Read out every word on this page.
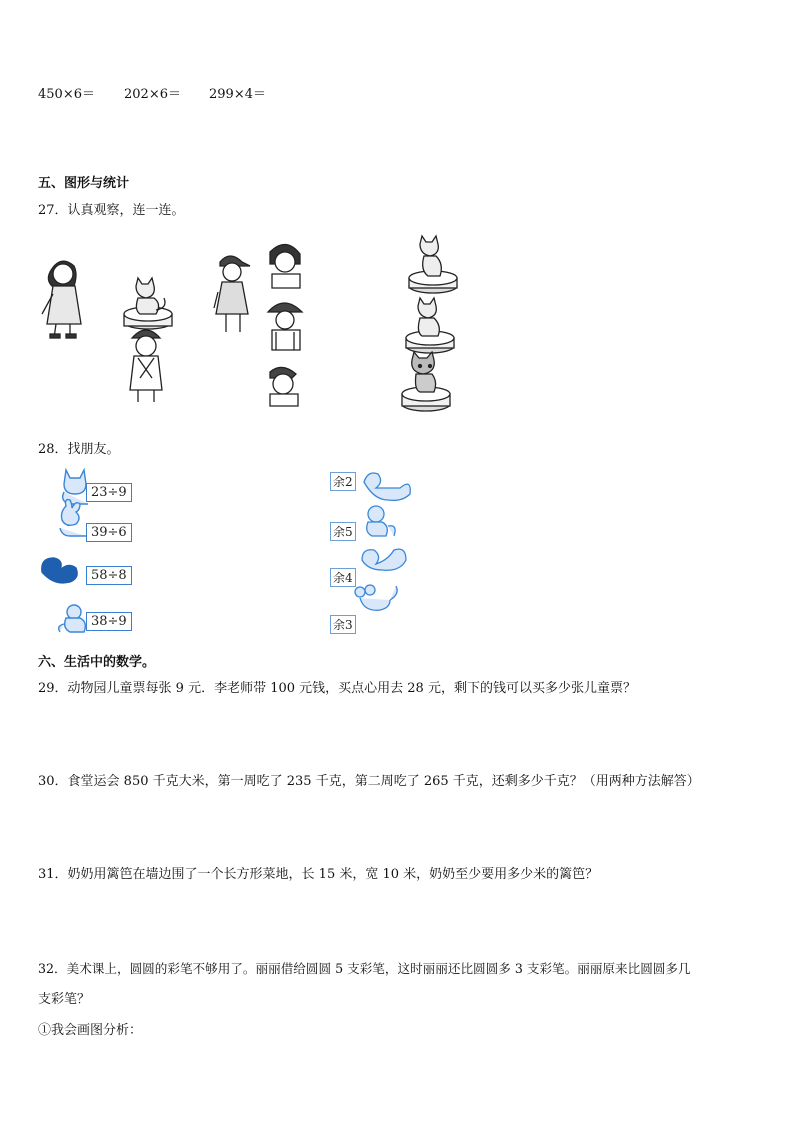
450×6＝ 202×6＝ 299×4＝
五、图形与统计
27．认真观察，连一连。
28．找朋友。
23÷9
39÷6
58÷8
38÷9
余2
余5
余4
余3
六、生活中的数学。
29．动物园儿童票每张 9 元．李老师带 100 元钱，买点心用去 28 元，剩下的钱可以买多少张儿童票？
30．食堂运会 850 千克大米，第一周吃了 235 千克，第二周吃了 265 千克，还剩多少千克？（用两种方法解答）
31．奶奶用篱笆在墙边围了一个长方形菜地，长 15 米，宽 10 米，奶奶至少要用多少米的篱笆？
32．美术课上，圆圆的彩笔不够用了。丽丽借给圆圆 5 支彩笔，这时丽丽还比圆圆多 3 支彩笔。丽丽原来比圆圆多几
支彩笔？
①我会画图分析：
